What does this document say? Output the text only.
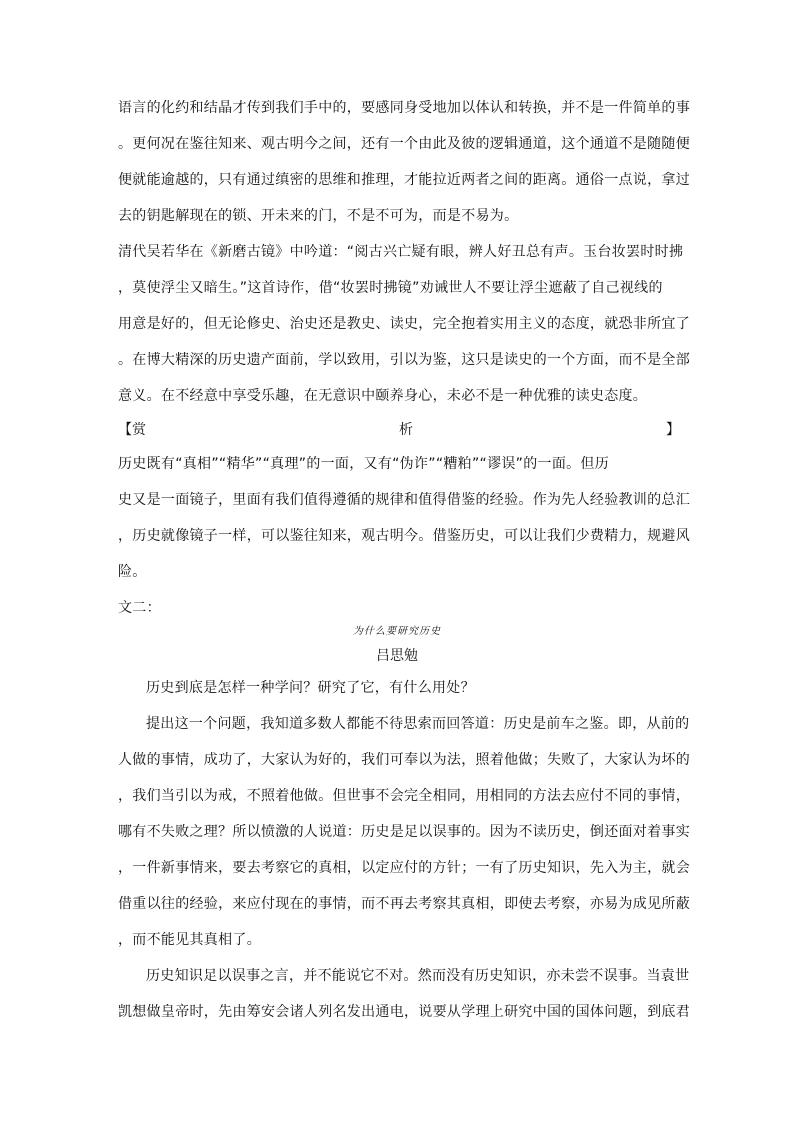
语言的化约和结晶才传到我们手中的，要感同身受地加以体认和转换，并不是一件简单的事
。更何况在鉴往知来、观古明今之间，还有一个由此及彼的逻辑通道，这个通道不是随随便
便就能逾越的，只有通过缜密的思维和推理，才能拉近两者之间的距离。通俗一点说，拿过
去的钥匙解现在的锁、开未来的门，不是不可为，而是不易为。
清代吴若华在《新磨古镜》中吟道：“阅古兴亡疑有眼，辨人好丑总有声。玉台妆罢时时拂
，莫使浮尘又暗生。”这首诗作，借“妆罢时拂镜”劝诫世人不要让浮尘遮蔽了自己视线的
用意是好的，但无论修史、治史还是教史、读史，完全抱着实用主义的态度，就恐非所宜了
。在博大精深的历史遗产面前，学以致用，引以为鉴，这只是读史的一个方面，而不是全部
意义。在不经意中享受乐趣，在无意识中颐养身心，未必不是一种优雅的读史态度。
【赏	析	】
历史既有“真相”“精华”“真理”的一面，又有“伪诈”“糟粕”“谬误”的一面。但历
史又是一面镜子，里面有我们值得遵循的规律和值得借鉴的经验。作为先人经验教训的总汇
，历史就像镜子一样，可以鉴往知来，观古明今。借鉴历史，可以让我们少费精力，规避风
险。
文二：
为什么要研究历史
吕思勉
历史到底是怎样一种学问？研究了它，有什么用处？
提出这一个问题，我知道多数人都能不待思索而回答道：历史是前车之鉴。即，从前的
人做的事情，成功了，大家认为好的，我们可奉以为法，照着他做；失败了，大家认为坏的
，我们当引以为戒，不照着他做。但世事不会完全相同，用相同的方法去应付不同的事情，
哪有不失败之理？所以愤激的人说道：历史是足以误事的。因为不读历史，倒还面对着事实
，一件新事情来，要去考察它的真相，以定应付的方针；一有了历史知识，先入为主，就会
借重以往的经验，来应付现在的事情，而不再去考察其真相，即使去考察，亦易为成见所蔽
，而不能见其真相了。
历史知识足以误事之言，并不能说它不对。然而没有历史知识，亦未尝不误事。当袁世
凯想做皇帝时，先由筹安会诸人列名发出通电，说要从学理上研究中国的国体问题，到底君
